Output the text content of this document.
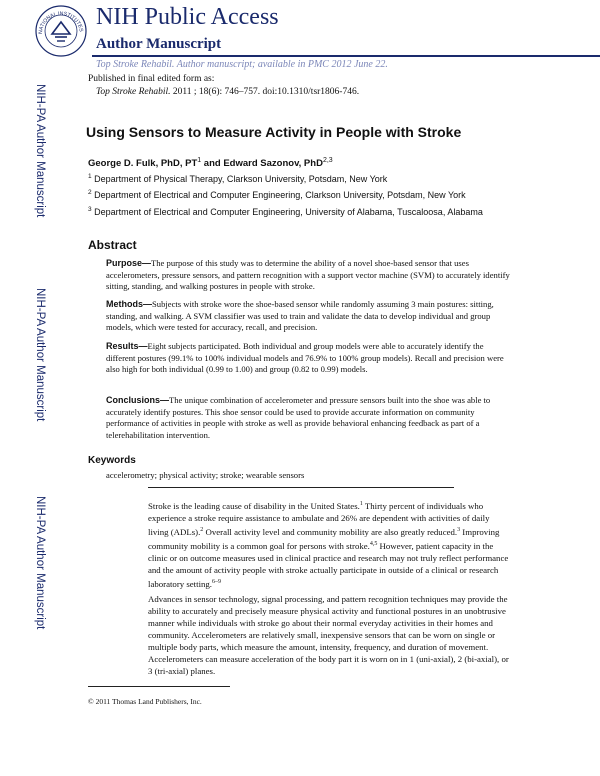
NATIONAL INSTITUTES
NIH Public Access
Author Manuscript
Top Stroke Rehabil. Author manuscript; available in PMC 2012 June 22.
Published in final edited form as:
Top Stroke Rehabil. 2011 ; 18(6): 746–757. doi:10.1310/tsr1806-746.
NIH-PA Author Manuscript
NIH-PA Author Manuscript
NIH-PA Author Manuscript
Using Sensors to Measure Activity in People with Stroke
George D. Fulk, PhD, $PT^1$ and Edward Sazonov, PhD$^{2,3}$
$^1$ Department of Physical Therapy, Clarkson University, Potsdam, New York
$^2$ Department of Electrical and Computer Engineering, Clarkson University, Potsdam, New York
$^3$ Department of Electrical and Computer Engineering, University of Alabama, Tuscaloosa, Alabama
Abstract
Purpose—The purpose of this study was to determine the ability of a novel shoe-based sensor that uses accelerometers, pressure sensors, and pattern recognition with a support vector machine (SVM) to accurately identify sitting, standing, and walking postures in people with stroke.
Methods—Subjects with stroke wore the shoe-based sensor while randomly assuming 3 main postures: sitting, standing, and walking. A SVM classifier was used to train and validate the data to develop individual and group models, which were tested for accuracy, recall, and precision.
Results—Eight subjects participated. Both individual and group models were able to accurately identify the different postures (99.1% to 100% individual models and 76.9% to 100% group models). Recall and precision were also high for both individual (0.99 to 1.00) and group (0.82 to 0.99) models.
Conclusions—The unique combination of accelerometer and pressure sensors built into the shoe was able to accurately identify postures. This shoe sensor could be used to provide accurate information on community performance of activities in people with stroke as well as provide behavioral enhancing feedback as part of a telerehabilitation intervention.
Keywords
accelerometry; physical activity; stroke; wearable sensors
Stroke is the leading cause of disability in the United States.$^1$ Thirty percent of individuals who experience a stroke require assistance to ambulate and 26% are dependent with activities of daily living (ADLs).$^2$ Overall activity level and community mobility are also greatly reduced.$^3$ Improving community mobility is a common goal for persons with stroke.$^{4,5}$ However, patient capacity in the clinic or on outcome measures used in clinical practice and research may not truly reflect performance and the amount of activity people with stroke actually participate in outside of a clinical or research laboratory setting.$^{6-9}$
Advances in sensor technology, signal processing, and pattern recognition techniques may provide the ability to accurately and precisely measure physical activity and functional postures in an unobtrusive manner while individuals with stroke go about their normal everyday activities in their homes and community. Accelerometers are relatively small, inexpensive sensors that can be worn on single or multiple body parts, which measure the amount, intensity, frequency, and duration of movement. Accelerometers can measure acceleration of the body part it is worn on in 1 (uni-axial), 2 (bi-axial), or 3 (tri-axial) planes.
© 2011 Thomas Land Publishers, Inc.
